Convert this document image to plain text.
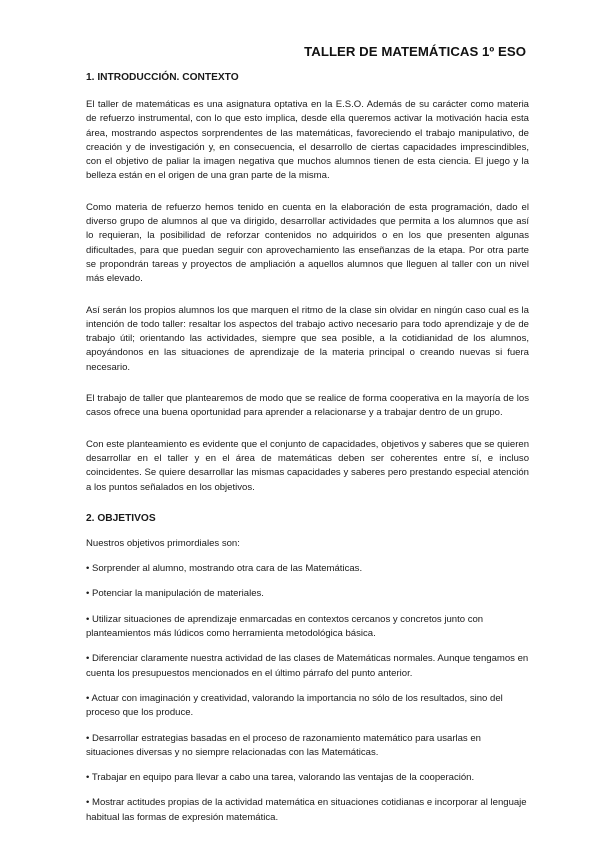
TALLER DE MATEMÁTICAS 1º ESO
1. INTRODUCCIÓN. CONTEXTO

El taller de matemáticas es una asignatura optativa en la E.S.O. Además de su carácter como materia de refuerzo instrumental, con lo que esto implica, desde ella queremos activar la motivación hacia esta área, mostrando aspectos sorprendentes de las matemáticas, favoreciendo el trabajo manipulativo, de creación y de investigación y, en consecuencia, el desarrollo de ciertas capacidades imprescindibles, con el objetivo de paliar la imagen negativa que muchos alumnos tienen de esta ciencia. El juego y la belleza están en el origen de una gran parte de la misma.

Como materia de refuerzo hemos tenido en cuenta en la elaboración de esta programación, dado el diverso grupo de alumnos al que va dirigido, desarrollar actividades que permita a los alumnos que así lo requieran, la posibilidad de reforzar contenidos no adquiridos o en los que presenten algunas dificultades, para que puedan seguir con aprovechamiento las enseñanzas de la etapa. Por otra parte se propondrán tareas y proyectos de ampliación a aquellos alumnos que lleguen al taller con un nivel más elevado.

Así serán los propios alumnos los que marquen el ritmo de la clase sin olvidar en ningún caso cual es la intención de todo taller: resaltar los aspectos del trabajo activo necesario para todo aprendizaje y de de trabajo útil; orientando las actividades, siempre que sea posible, a la cotidianidad de los alumnos, apoyándonos en las situaciones de aprendizaje de la materia principal o creando nuevas si fuera necesario.

El trabajo de taller que plantearemos de modo que se realice de forma cooperativa en la mayoría de los casos ofrece una buena oportunidad para aprender a relacionarse y a trabajar dentro de un grupo.

Con este planteamiento es evidente que el conjunto de capacidades, objetivos y saberes que se quieren desarrollar en el taller y en el área de matemáticas deben ser coherentes entre sí, e incluso coincidentes. Se quiere desarrollar las mismas capacidades y saberes pero prestando especial atención a los puntos señalados en los objetivos.

2. OBJETIVOS

Nuestros objetivos primordiales son:

• Sorprender al alumno, mostrando otra cara de las Matemáticas.

• Potenciar la manipulación de materiales.

• Utilizar situaciones de aprendizaje enmarcadas en contextos cercanos y concretos junto con planteamientos más lúdicos como herramienta metodológica básica.

• Diferenciar claramente nuestra actividad de las clases de Matemáticas normales. Aunque tengamos en cuenta los presupuestos mencionados en el último párrafo del punto anterior.

• Actuar con imaginación y creatividad, valorando la importancia no sólo de los resultados, sino del proceso que los produce.

• Desarrollar estrategias basadas en el proceso de razonamiento matemático para usarlas en situaciones diversas y no siempre relacionadas con las Matemáticas.

• Trabajar en equipo para llevar a cabo una tarea, valorando las ventajas de la cooperación.

• Mostrar actitudes propias de la actividad matemática en situaciones cotidianas e incorporar al lenguaje habitual las formas de expresión matemática.
